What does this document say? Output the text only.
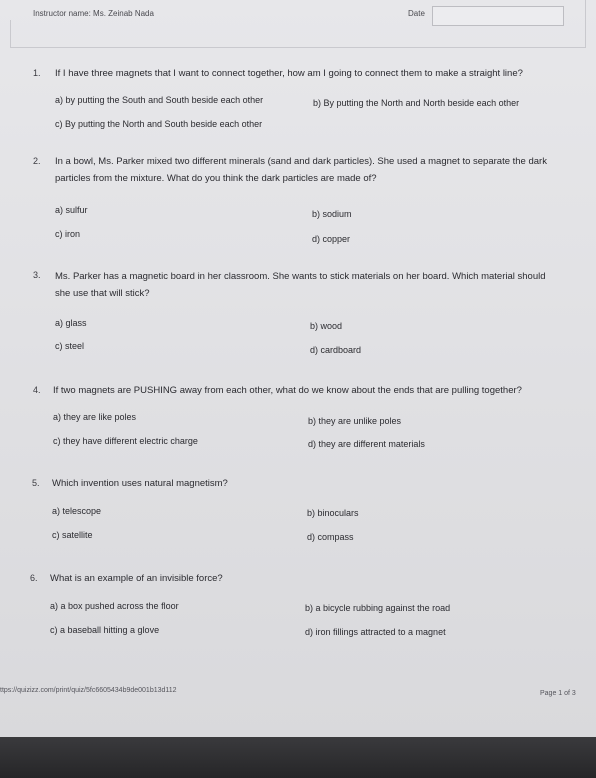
Instructor name: Ms. Zeinab Nada	Date
1. If I have three magnets that I want to connect together, how am I going to connect them to make a straight line?
a) by putting the South and South beside each other	b) By putting the North and North beside each other
c) By putting the North and South beside each other
2. In a bowl, Ms. Parker mixed two different minerals (sand and dark particles). She used a magnet to separate the dark particles from the mixture. What do you think the dark particles are made of?
a) sulfur	b) sodium
c) iron	d) copper
3. Ms. Parker has a magnetic board in her classroom. She wants to stick materials on her board. Which material should she use that will stick?
a) glass	b) wood
c) steel	d) cardboard
4. If two magnets are PUSHING away from each other, what do we know about the ends that are pulling together?
a) they are like poles	b) they are unlike poles
c) they have different electric charge	d) they are different materials
5. Which invention uses natural magnetism?
a) telescope	b) binoculars
c) satellite	d) compass
6. What is an example of an invisible force?
a) a box pushed across the floor	b) a bicycle rubbing against the road
c) a baseball hitting a glove	d) iron fillings attracted to a magnet
ttps://quizizz.com/print/quiz/5fc6605434b9de001b13d112	Page 1 of 3
